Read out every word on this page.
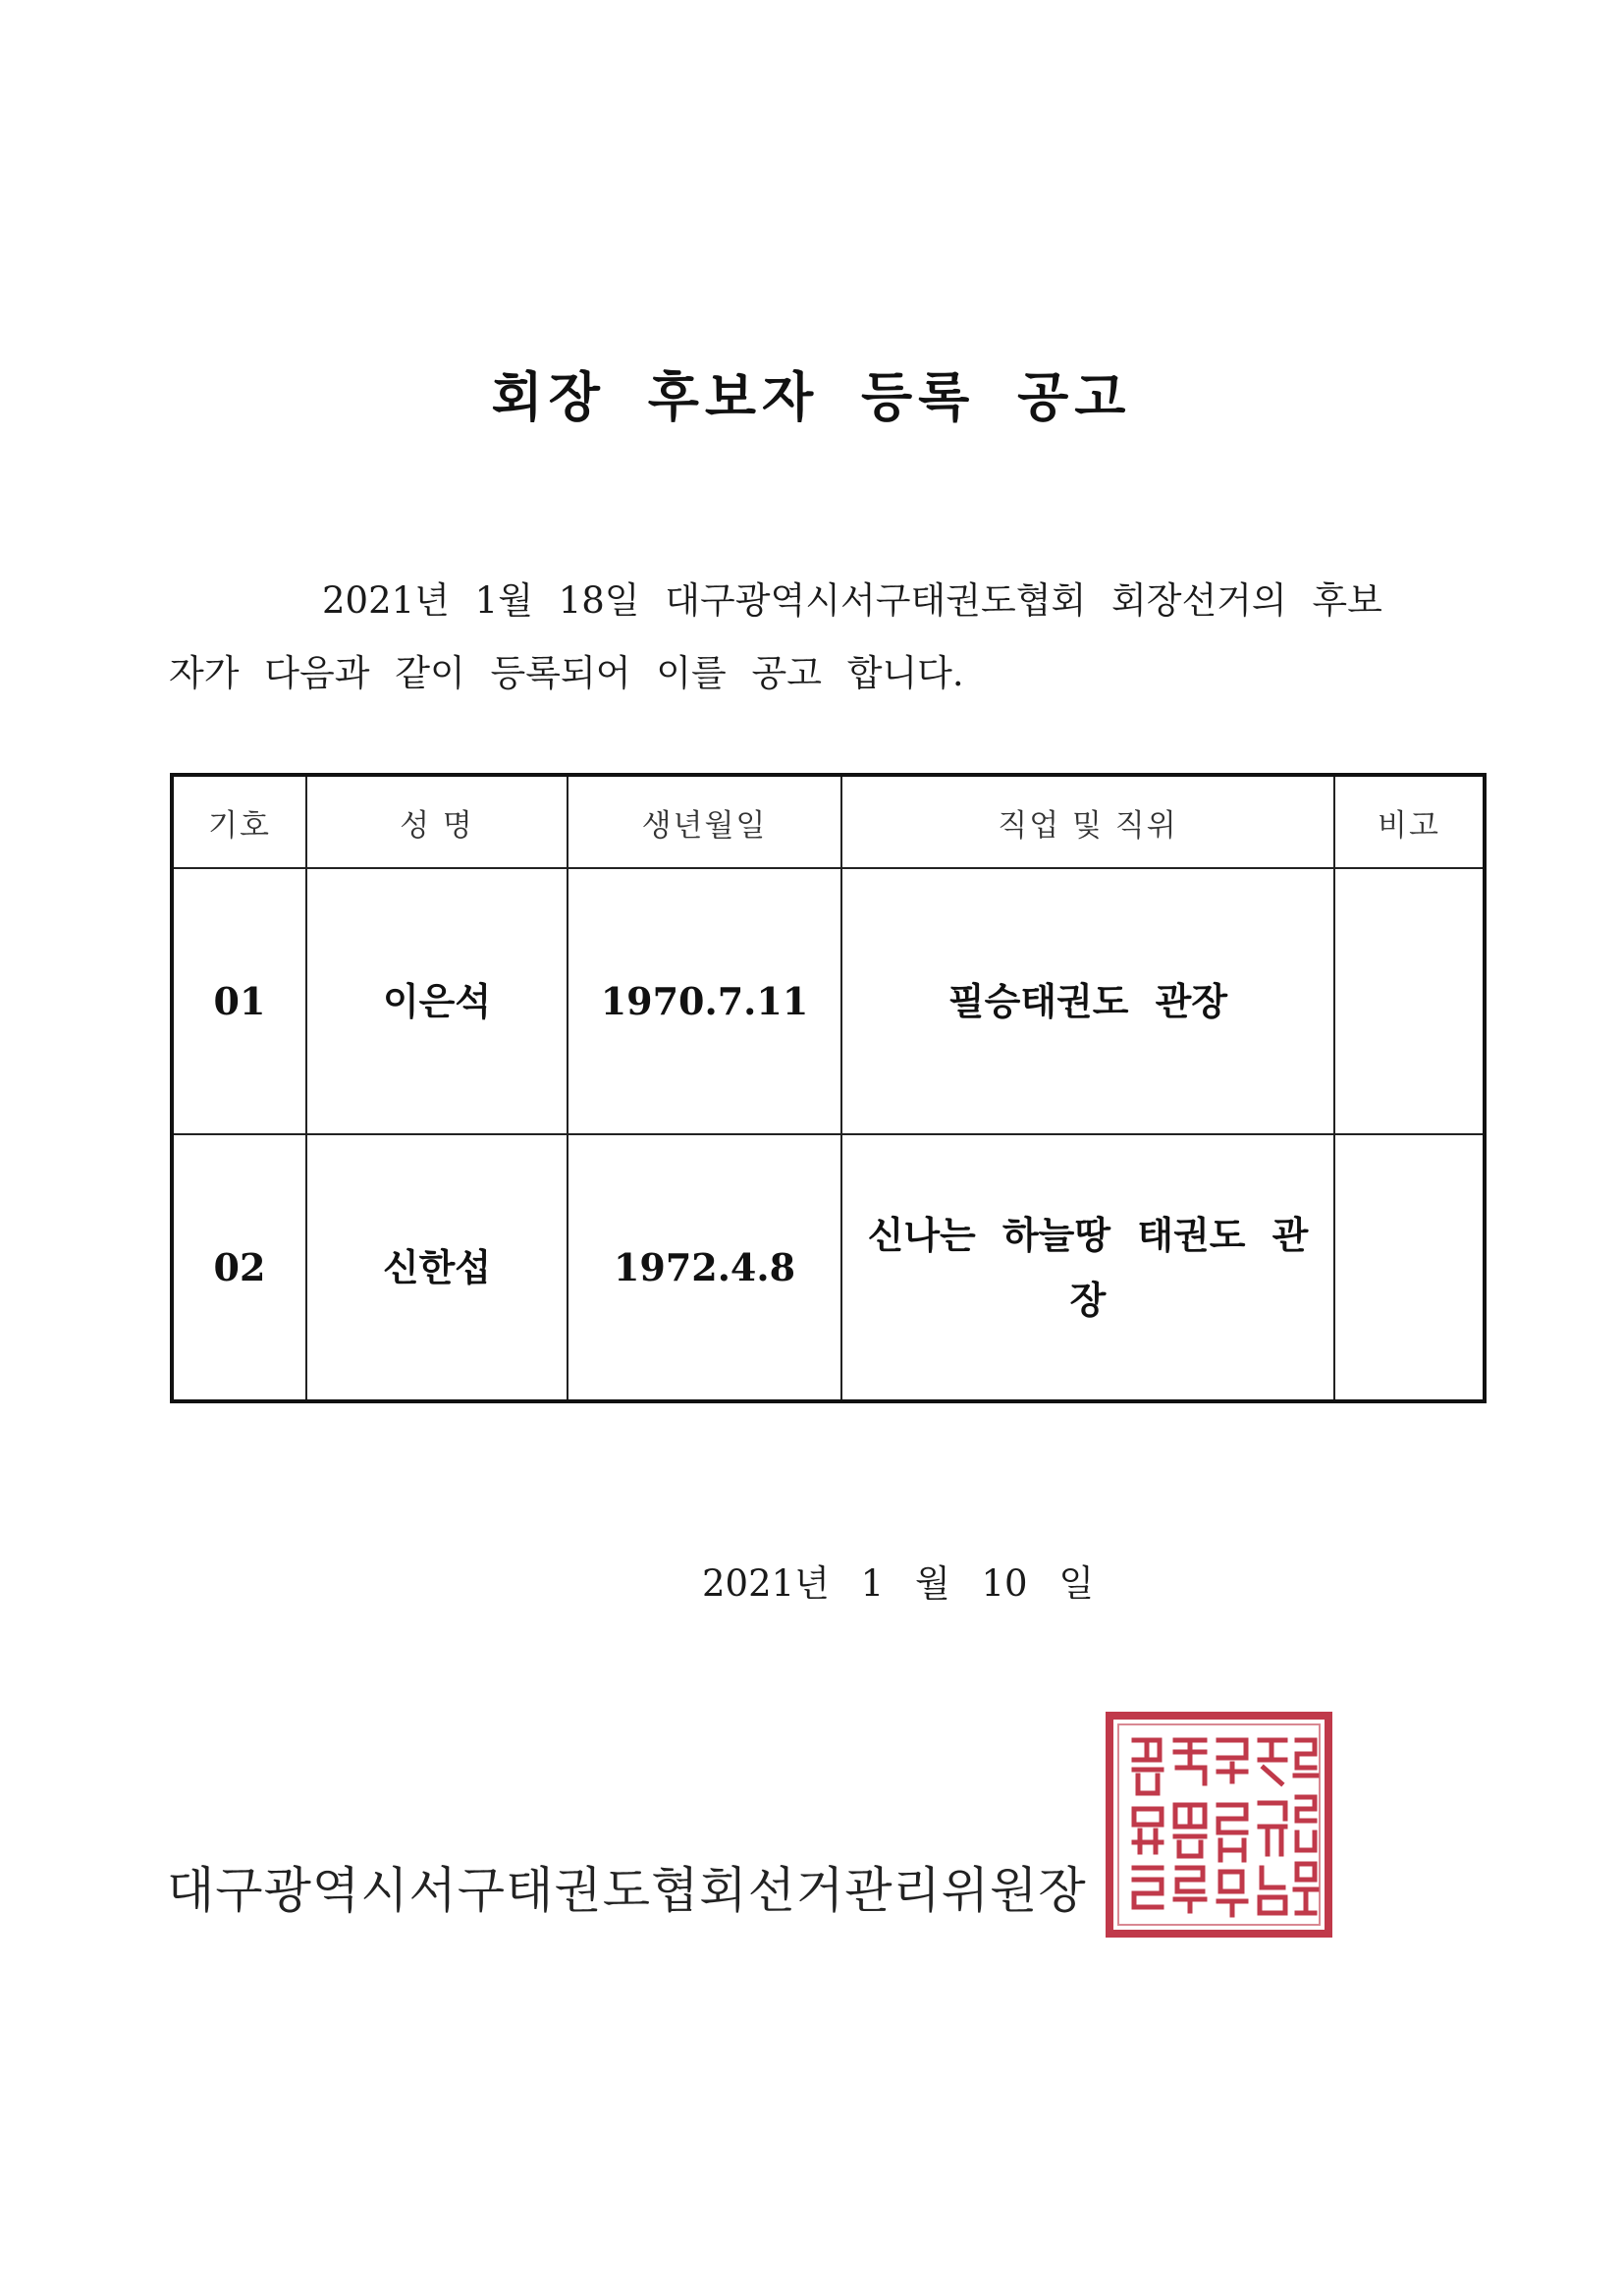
회장 후보자 등록 공고
2021년 1월 18일 대구광역시서구태권도협회 회장선거의 후보
자가 다음과 같이 등록되어 이를 공고 합니다.
기호	성 명	생년월일	직업 및 직위	비고
01	이은석	1970.7.11	필승태권도 관장	
02	신한섭	1972.4.8	신나는 하늘땅 태권도 관장	
2021년 1 월 10 일
대구광역시서구태권도협회선거관리위원장
